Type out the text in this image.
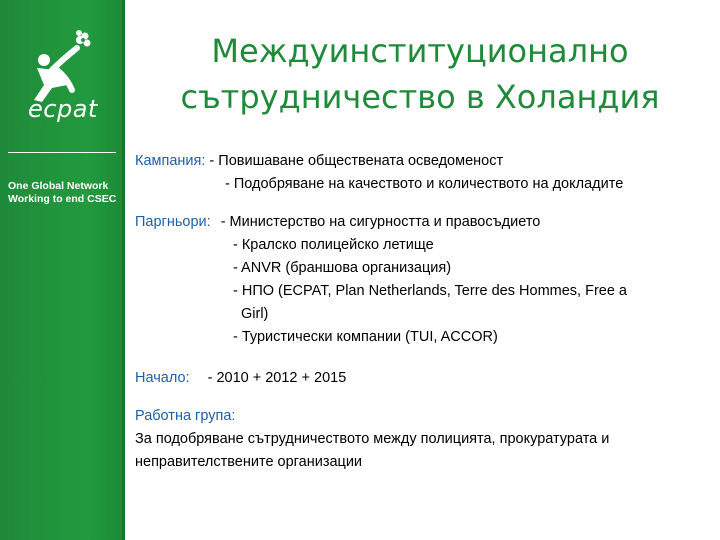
ecpat
One Global Network
Working to end CSEC
Междуинституционално
сътрудничество в Холандия
Кампания: - Повишаване обществената осведоменост
- Подобряване на качеството и количеството на докладите
Паргньори: - Министерство на сигурността и правосъдието
- Кралско полицейско летище
- ANVR (браншова организация)
- НПО (ECPAT, Plan Netherlands, Terre des Hommes, Free a
Girl)
- Туристически компании (TUI, ACCOR)
Начало: - 2010 + 2012 + 2015
Работна група:
За подобряване сътрудничеството между полицията, прокуратурата и
неправителствените организации
